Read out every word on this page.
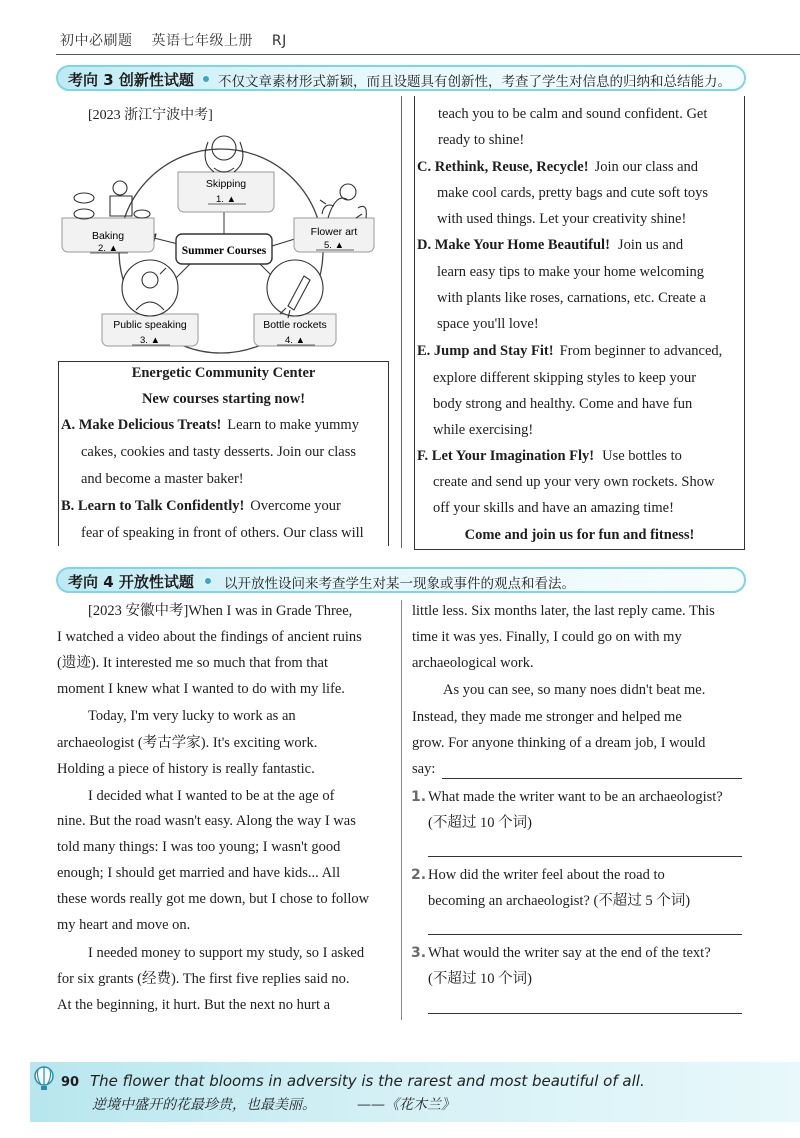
初中必刷题 英语七年级上册 RJ
考向 3 创新性试题 不仅文章素材形式新颖，而且设题具有创新性，考查了学生对信息的归纳和总结能力。
Summer Courses
Skipping
1. ▲
Flower art
5. ▲
Bottle rockets
4. ▲
Public speaking
3. ▲
Baking
2. ▲
[2023 浙江宁波中考]
Energetic Community Center
New courses starting now!
A. Make Delicious Treats! Learn to make yummy
cakes, cookies and tasty desserts. Join our class
and become a master baker!
B. Learn to Talk Confidently! Overcome your
fear of speaking in front of others. Our class will
teach you to be calm and sound confident. Get
ready to shine!
C. Rethink, Reuse, Recycle! Join our class and
make cool cards, pretty bags and cute soft toys
with used things. Let your creativity shine!
D. Make Your Home Beautiful! Join us and
learn easy tips to make your home welcoming
with plants like roses, carnations, etc. Create a
space you'll love!
E. Jump and Stay Fit! From beginner to advanced,
explore different skipping styles to keep your
body strong and healthy. Come and have fun
while exercising!
F. Let Your Imagination Fly! Use bottles to
create and send up your very own rockets. Show
off your skills and have an amazing time!
Come and join us for fun and fitness!
考向 4 开放性试题 以开放性设问来考查学生对某一现象或事件的观点和看法。
[2023 安徽中考]When I was in Grade Three,
I watched a video about the findings of ancient ruins
(遗迹). It interested me so much that from that
moment I knew what I wanted to do with my life.
Today, I'm very lucky to work as an
archaeologist (考古学家). It's exciting work.
Holding a piece of history is really fantastic.
I decided what I wanted to be at the age of
nine. But the road wasn't easy. Along the way I was
told many things: I was too young; I wasn't good
enough; I should get married and have kids... All
these words really got me down, but I chose to follow
my heart and move on.
I needed money to support my study, so I asked
for six grants (经费). The first five replies said no.
At the beginning, it hurt. But the next no hurt a
little less. Six months later, the last reply came. This
time it was yes. Finally, I could go on with my
archaeological work.
As you can see, so many noes didn't beat me.
Instead, they made me stronger and helped me
grow. For anyone thinking of a dream job, I would
say:
1. What made the writer want to be an archaeologist?
(不超过 10 个词)
2. How did the writer feel about the road to
becoming an archaeologist? (不超过 5 个词)
3. What would the writer say at the end of the text?
(不超过 10 个词)
90 The flower that blooms in adversity is the rarest and most beautiful of all.
逆境中盛开的花最珍贵，也最美丽。	——《花木兰》
